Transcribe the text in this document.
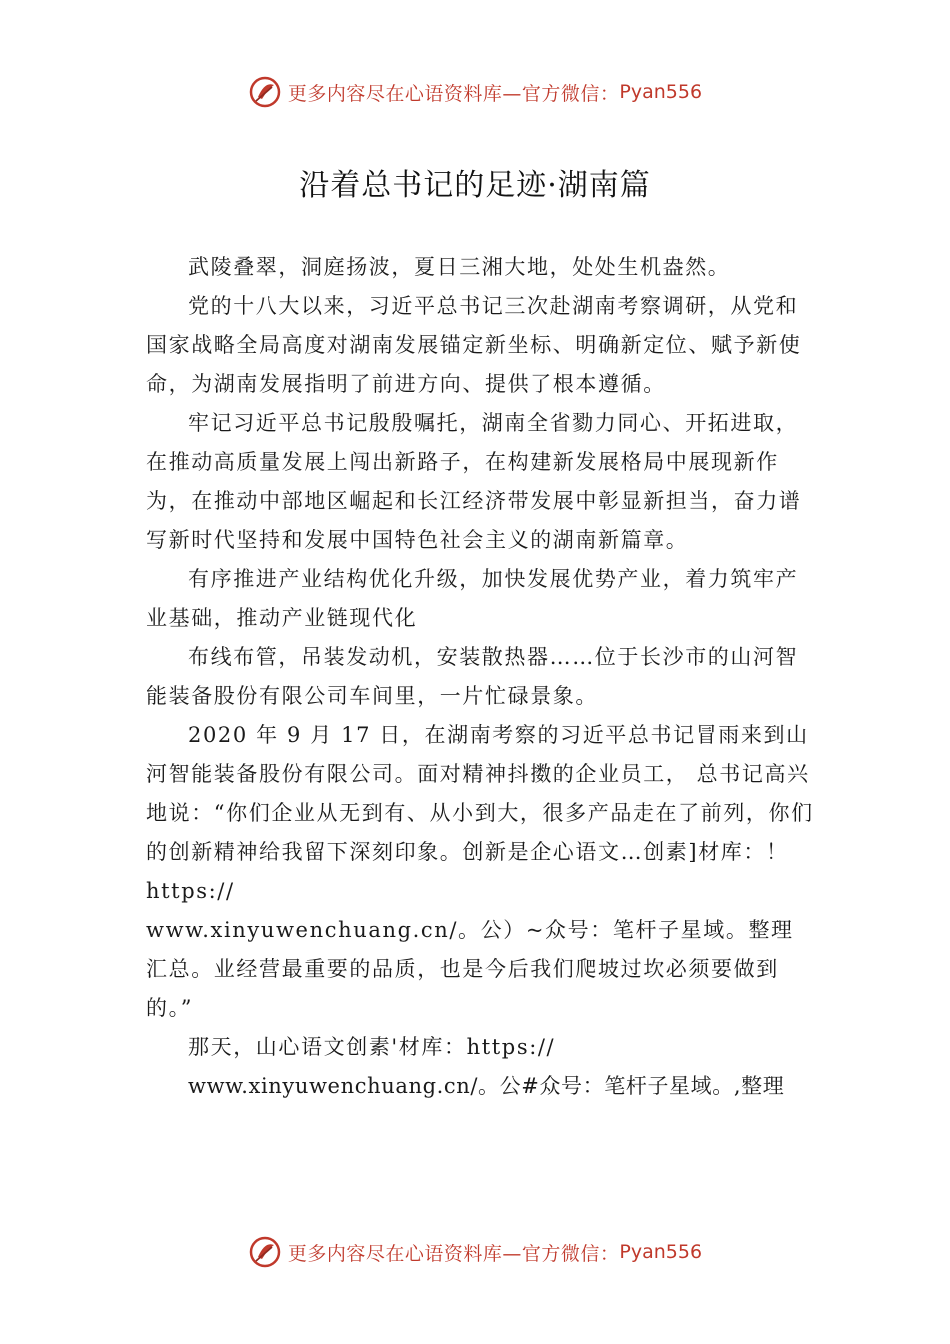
更多内容尽在心语资料库—官方微信： Pyan556
沿着总书记的足迹·湖南篇

武陵叠翠，洞庭扬波，夏日三湘大地，处处生机盎然。

党的十八大以来，习近平总书记三次赴湖南考察调研，从党和国家战略全局高度对湖南发展锚定新坐标、明确新定位、赋予新使命，为湖南发展指明了前进方向、提供了根本遵循。

牢记习近平总书记殷殷嘱托，湖南全省勠力同心、开拓进取，在推动高质量发展上闯出新路子，在构建新发展格局中展现新作为，在推动中部地区崛起和长江经济带发展中彰显新担当，奋力谱写新时代坚持和发展中国特色社会主义的湖南新篇章。

有序推进产业结构优化升级，加快发展优势产业，着力筑牢产业基础，推动产业链现代化

布线布管，吊装发动机，安装散热器……位于长沙市的山河智能装备股份有限公司车间里，一片忙碌景象。

2020 年 9 月 17 日，在湖南考察的习近平总书记冒雨来到山河智能装备股份有限公司。面对精神抖擞的企业员工， 总书记高兴地说：“你们企业从无到有、从小到大，很多产品走在了前列，你们的创新精神给我留下深刻印象。创新是企心语文…创素]材库：！https://

www.xinyuwenchuang.cn/。公）~众号：笔杆子星域。整理汇总。业经营最重要的品质，也是今后我们爬坡过坎必须要做到的。”

那天，山心语文创素'材库：https://

www.xinyuwenchuang.cn/。公#众号：笔杆子星域。,整理

更多内容尽在心语资料库—官方微信： Pyan556
